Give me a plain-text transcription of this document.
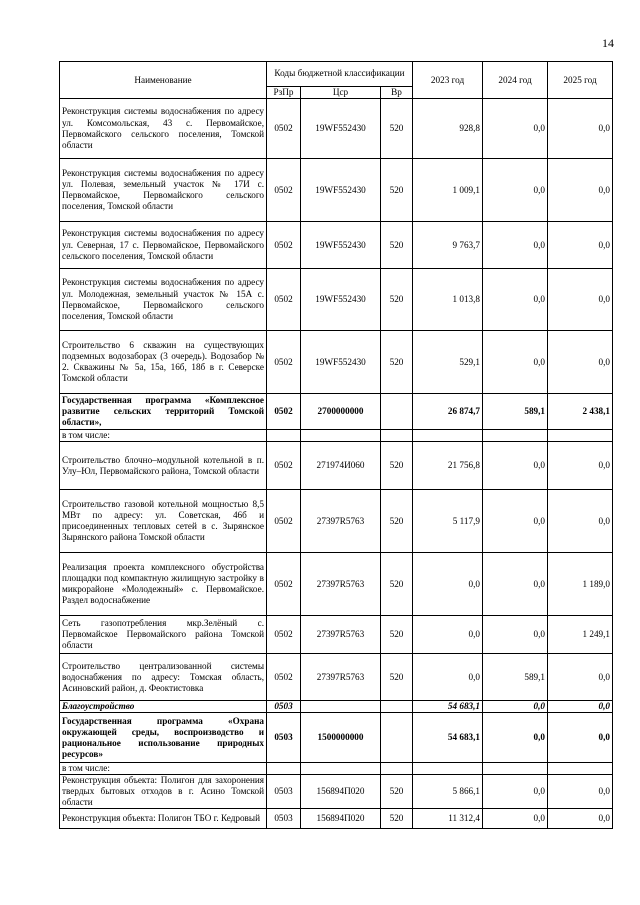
14
Наименование	Коды бюджетной классификации			2023 год	2024 год	2025 год
	РзПр	Цср	Вр			
Реконструкция системы водоснабжения по адресу ул. Комсомольская, 43 с. Первомайское, Первомайского сельского поселения, Томской области	0502	19WF552430	520	928,8	0,0	0,0
Реконструкция системы водоснабжения по адресу ул. Полевая, земельный участок № 17И с. Первомайское, Первомайского сельского поселения, Томской области	0502	19WF552430	520	1 009,1	0,0	0,0
Реконструкция системы водоснабжения по адресу ул. Северная, 17 с. Первомайское, Первомайского сельского поселения, Томской области	0502	19WF552430	520	9 763,7	0,0	0,0
Реконструкция системы водоснабжения по адресу ул. Молодежная, земельный участок № 15А с. Первомайское, Первомайского сельского поселения, Томской области	0502	19WF552430	520	1 013,8	0,0	0,0
Строительство 6 скважин на существующих подземных водозаборах (3 очередь). Водозабор № 2. Скважины № 5а, 15а, 16б, 18б в г. Северске Томской области	0502	19WF552430	520	529,1	0,0	0,0
Государственная программа «Комплексное развитие сельских территорий Томской области»,	0502	2700000000		26 874,7	589,1	2 438,1
в том числе:						
Строительство блочно–модульной котельной в п. Улу–Юл, Первомайского района, Томской области	0502	271974И060	520	21 756,8	0,0	0,0
Строительство газовой котельной мощностью 8,5 МВт по адресу: ул. Советская, 46б и присоединенных тепловых сетей в с. Зырянское Зырянского района Томской области	0502	27397R5763	520	5 117,9	0,0	0,0
Реализация проекта комплексного обустройства площадки под компактную жилищную застройку в микрорайоне «Молодежный» с. Первомайское. Раздел водоснабжение	0502	27397R5763	520	0,0	0,0	1 189,0
Сеть газопотребления мкр.Зелёный с. Первомайское Первомайского района Томской области	0502	27397R5763	520	0,0	0,0	1 249,1
Строительство централизованной системы водоснабжения по адресу: Томская область, Асиновский район, д. Феоктистовка	0502	27397R5763	520	0,0	589,1	0,0
Благоустройство	0503			54 683,1	0,0	0,0
Государственная программа «Охрана окружающей среды, воспроизводство и рациональное использование природных ресурсов»	0503	1500000000		54 683,1	0,0	0,0
в том числе:						
Реконструкция объекта: Полигон для захоронения твердых бытовых отходов в г. Асино Томской области	0503	156894П020	520	5 866,1	0,0	0,0
Реконструкция объекта: Полигон ТБО г. Кедровый	0503	156894П020	520	11 312,4	0,0	0,0
